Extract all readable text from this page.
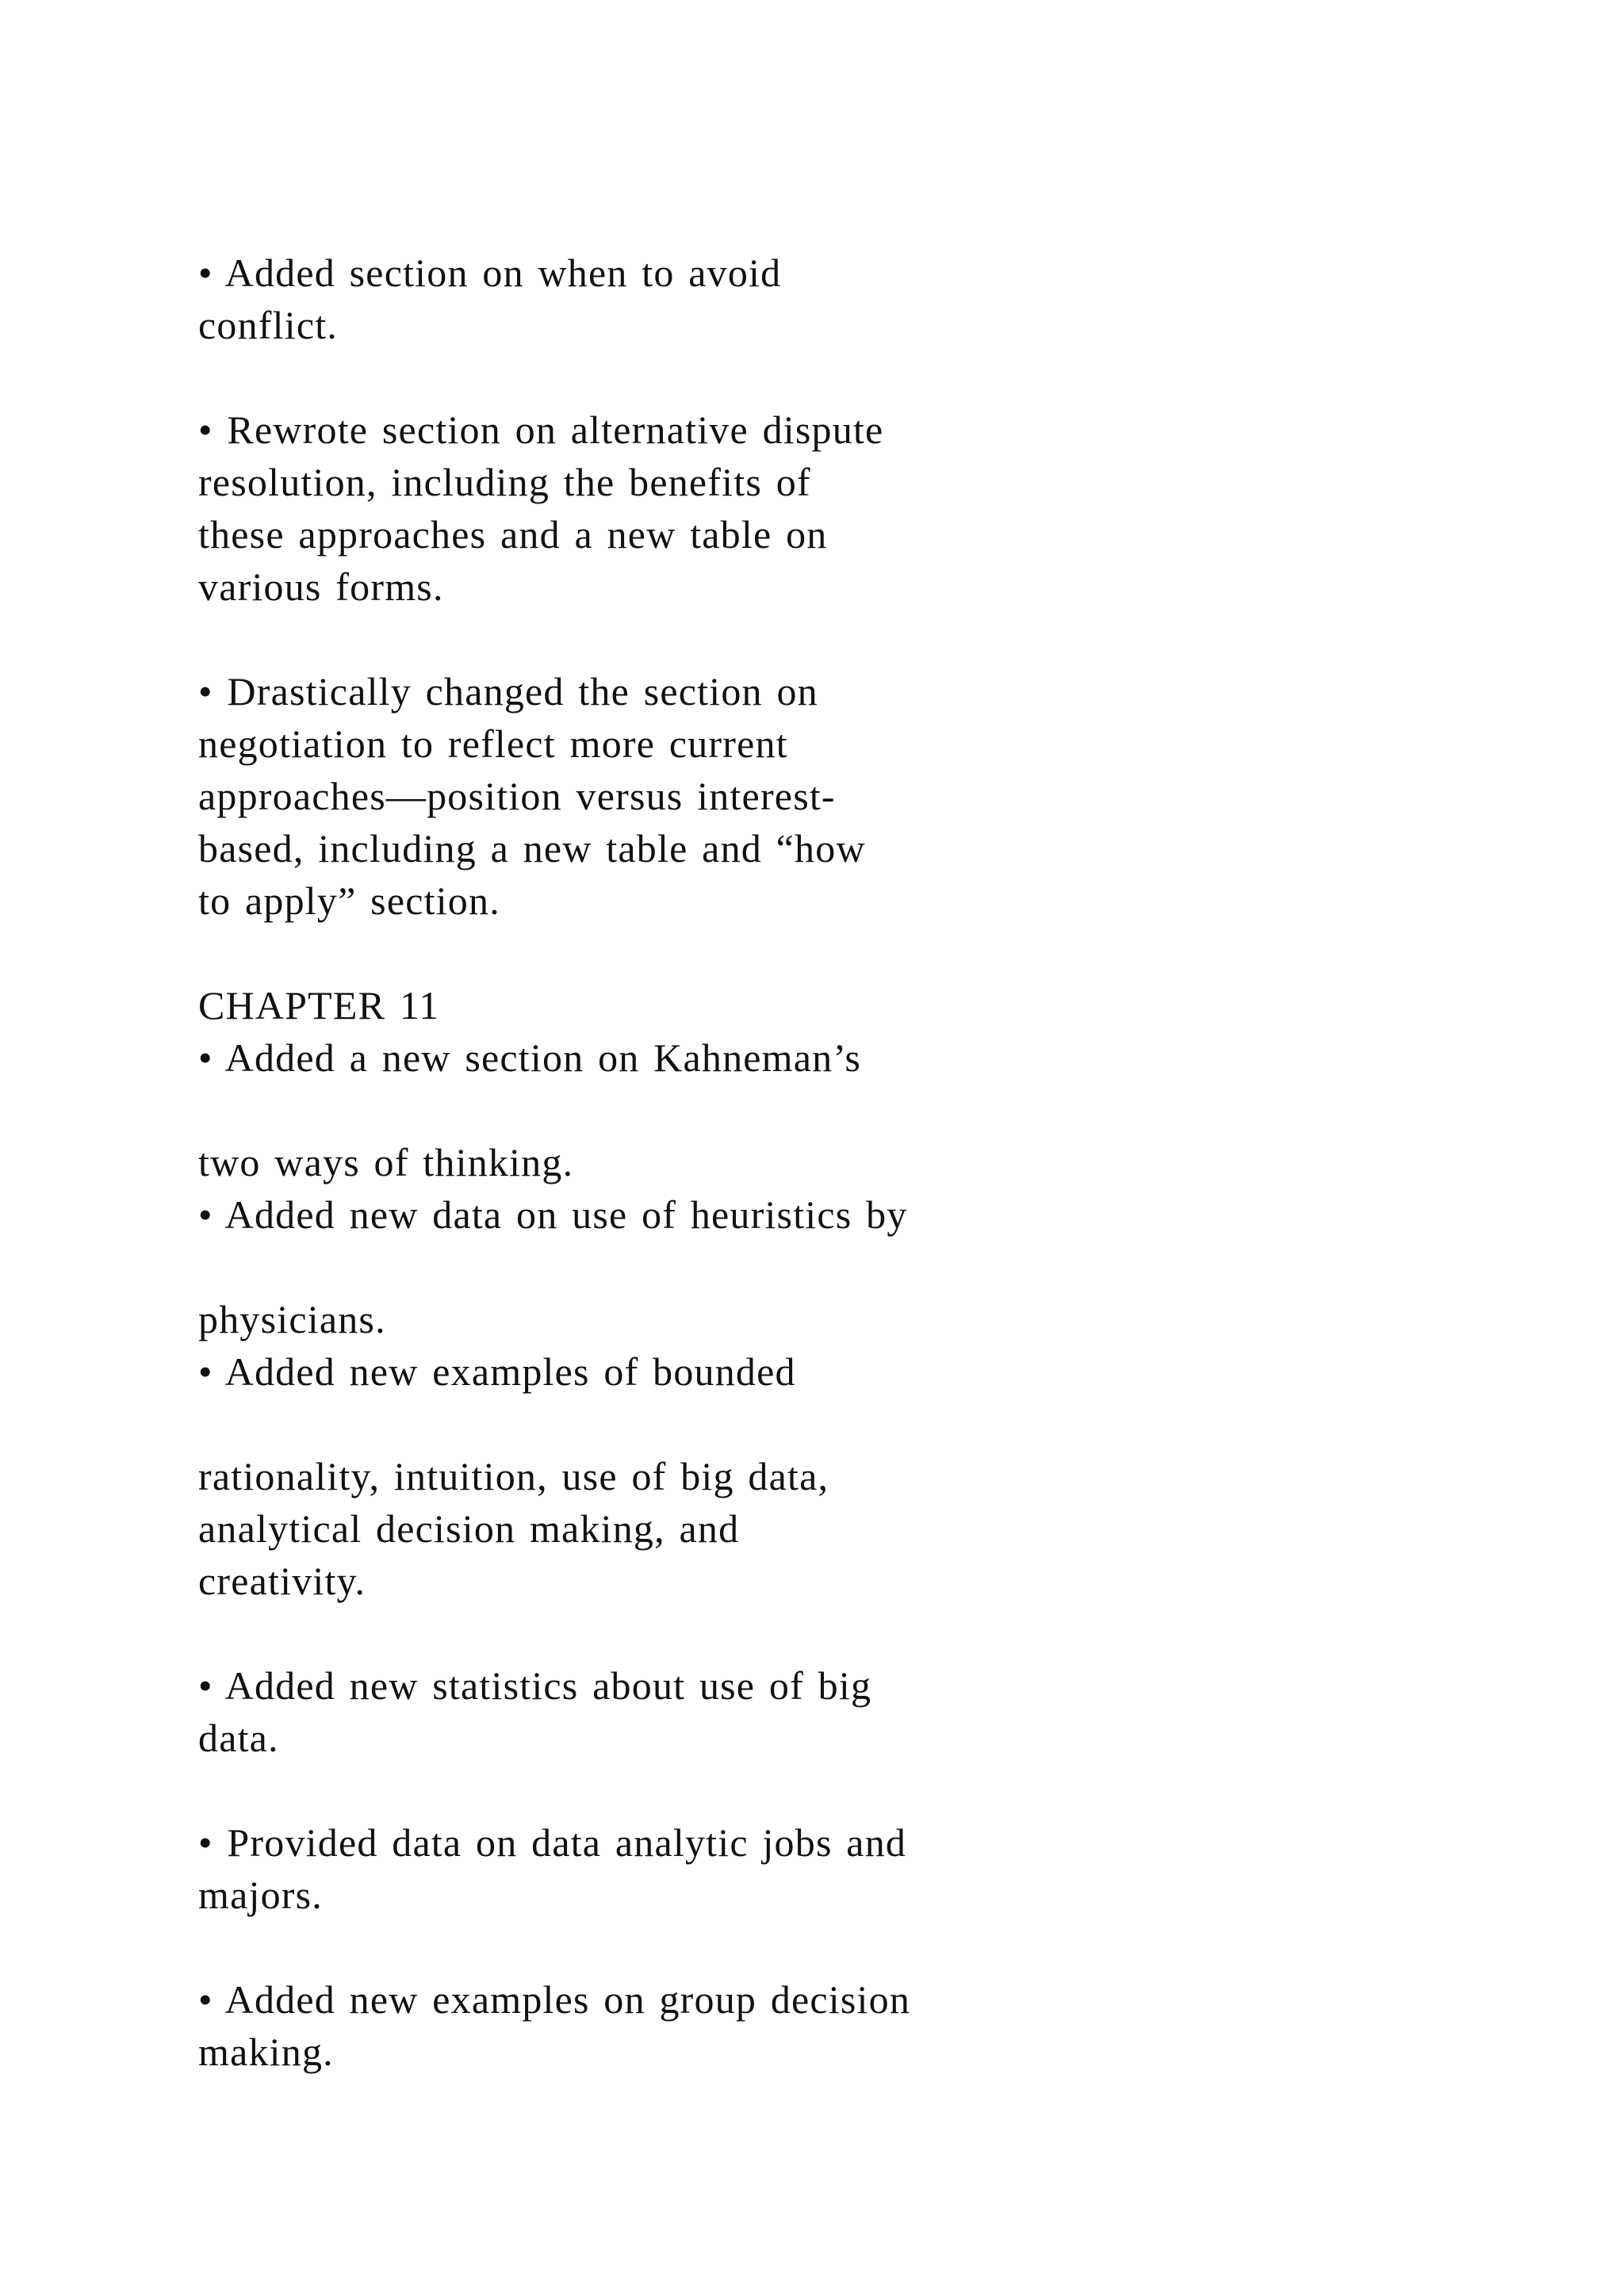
• Added section on when to avoid

conflict.

• Rewrote section on alternative dispute

resolution, including the benefits of

these approaches and a new table on

various forms.

• Drastically changed the section on

negotiation to reflect more current

approaches—position versus interest-

based, including a new table and “how

to apply” section.

CHAPTER 11

• Added a new section on Kahneman’s

two ways of thinking.

• Added new data on use of heuristics by

physicians.

• Added new examples of bounded

rationality, intuition, use of big data,

analytical decision making, and

creativity.

• Added new statistics about use of big

data.

• Provided data on data analytic jobs and

majors.

• Added new examples on group decision

making.
